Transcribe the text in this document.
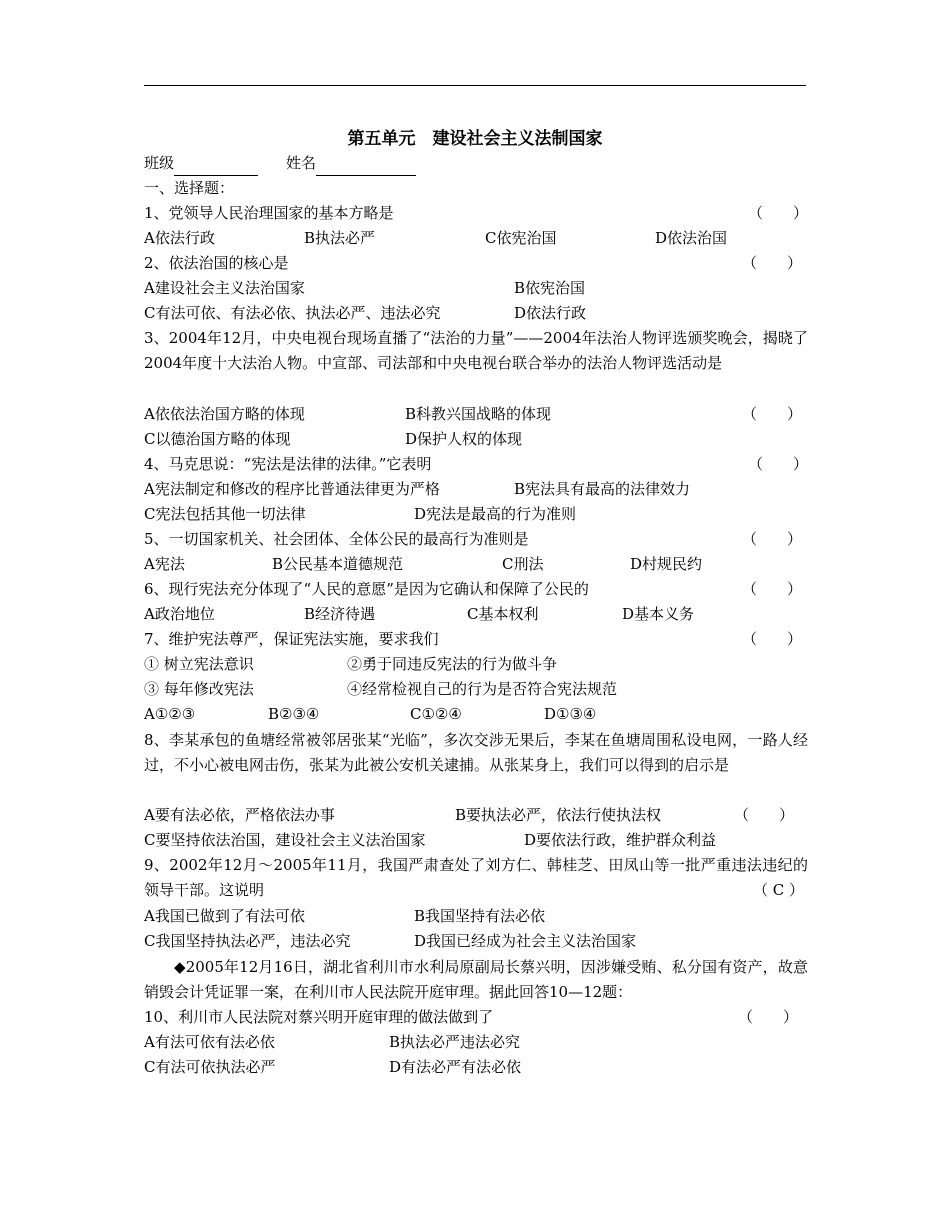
第五单元　建设社会主义法制国家
班级	姓名
一、选择题：
1、党领导人民治理国家的基本方略是	（　　）
A依法行政	B执法必严	C依宪治国	D依法治国
2、依法治国的核心是	（　　）
A建设社会主义法治国家	B依宪治国
C有法可依、有法必依、执法必严、违法必究	D依法行政
3、2004年12月，中央电视台现场直播了“法治的力量”——2004年法治人物评选颁奖晚会，揭晓了2004年度十大法治人物。中宣部、司法部和中央电视台联合举办的法治人物评选活动是
A依依法治国方略的体现	B科教兴国战略的体现	（　　）
C以德治国方略的体现	D保护人权的体现
4、马克思说：“宪法是法律的法律。”它表明	（　　）
A宪法制定和修改的程序比普通法律更为严格	B宪法具有最高的法律效力
C宪法包括其他一切法律	D宪法是最高的行为准则
5、一切国家机关、社会团体、全体公民的最高行为准则是	（　　）
A宪法	B公民基本道德规范	C刑法	D村规民约
6、现行宪法充分体现了“人民的意愿”是因为它确认和保障了公民的	（　　）
A政治地位	B经济待遇	C基本权利	D基本义务
7、维护宪法尊严，保证宪法实施，要求我们	（　　）
① 树立宪法意识	②勇于同违反宪法的行为做斗争
③ 每年修改宪法	④经常检视自己的行为是否符合宪法规范
A①②③	B②③④	C①②④	D①③④
8、李某承包的鱼塘经常被邻居张某“光临”，多次交涉无果后，李某在鱼塘周围私设电网，一路人经过，不小心被电网击伤，张某为此被公安机关逮捕。从张某身上，我们可以得到的启示是
A要有法必依，严格依法办事	B要执法必严，依法行使执法权	（　　）
C要坚持依法治国，建设社会主义法治国家	D要依法行政，维护群众利益
9、2002年12月～2005年11月，我国严肃查处了刘方仁、韩桂芝、田凤山等一批严重违法违纪的领导干部。这说明	（ C ）
A我国已做到了有法可依	B我国坚持有法必依
C我国坚持执法必严，违法必究	D我国已经成为社会主义法治国家
◆2005年12月16日，湖北省利川市水利局原副局长蔡兴明，因涉嫌受贿、私分国有资产，故意销毁会计凭证罪一案，在利川市人民法院开庭审理。据此回答10—12题：
10、利川市人民法院对蔡兴明开庭审理的做法做到了	（　　）
A有法可依有法必依	B执法必严违法必究
C有法可依执法必严	D有法必严有法必依
